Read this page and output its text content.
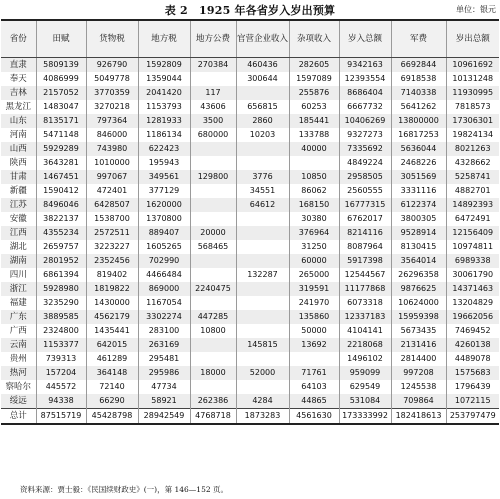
表 2　1925 年各省岁入岁出预算	单位：银元
省份	田赋	货物税	地方税	地方公费	官营企业收入	杂项收入	岁入总额	军费	岁出总额
直隶	5809139	926790	1592809	270384	460436	282605	9342163	6692844	10961692
奉天	4086999	5049778	1359044		300644	1597089	12393554	6918538	10131248
吉林	2157052	3770359	2041420	117		255876	8686404	7140338	11930995
黑龙江	1483047	3270218	1153793	43606	656815	60253	6667732	5641262	7818573
山东	8135171	797364	1281933	3500	2860	185441	10406269	13800000	17306301
河南	5471148	846000	1186134	680000	10203	133788	9327273	16817253	19824134
山西	5929289	743980	622423			40000	7335692	5636044	8021263
陕西	3643281	1010000	195943				4849224	2468226	4328662
甘肃	1467451	997067	349561	129800	3776	10850	2958505	3051569	5258741
新疆	1590412	472401	377129		34551	86062	2560555	3331116	4882701
江苏	8496046	6428507	1620000		64612	168150	16777315	6122374	14892393
安徽	3822137	1538700	1370800			30380	6762017	3800305	6472491
江西	4355234	2572511	889407	20000		376964	8214116	9528914	12156409
湖北	2659757	3223227	1605265	568465		31250	8087964	8130415	10974811
湖南	2801952	2352456	702990			60000	5917398	3564014	6989338
四川	6861394	819402	4466484		132287	265000	12544567	26296358	30061790
浙江	5928980	1819822	869000	2240475		319591	11177868	9876625	14371463
福建	3235290	1430000	1167054			241970	6073318	10624000	13204829
广东	3889585	4562179	3302274	447285		135860	12337183	15959398	19662056
广西	2324800	1435441	283100	10800		50000	4104141	5673435	7469452
云南	1153377	642015	263169		145815	13692	2218068	2131416	4260138
贵州	739313	461289	295481				1496102	2814400	4489078
热河	157204	364148	295986	18000	52000	71761	959099	997208	1575683
察哈尔	445572	72140	47734			64103	629549	1245538	1796439
绥远	94338	66290	58921	262386	4284	44865	531084	709864	1072115
总计	87515719	45428798	28942549	4768718	1873283	4561630	173333992	182418613	253797479
资料来源：贾士毅：《民国续财政史》(一)，第 146—152 页。
